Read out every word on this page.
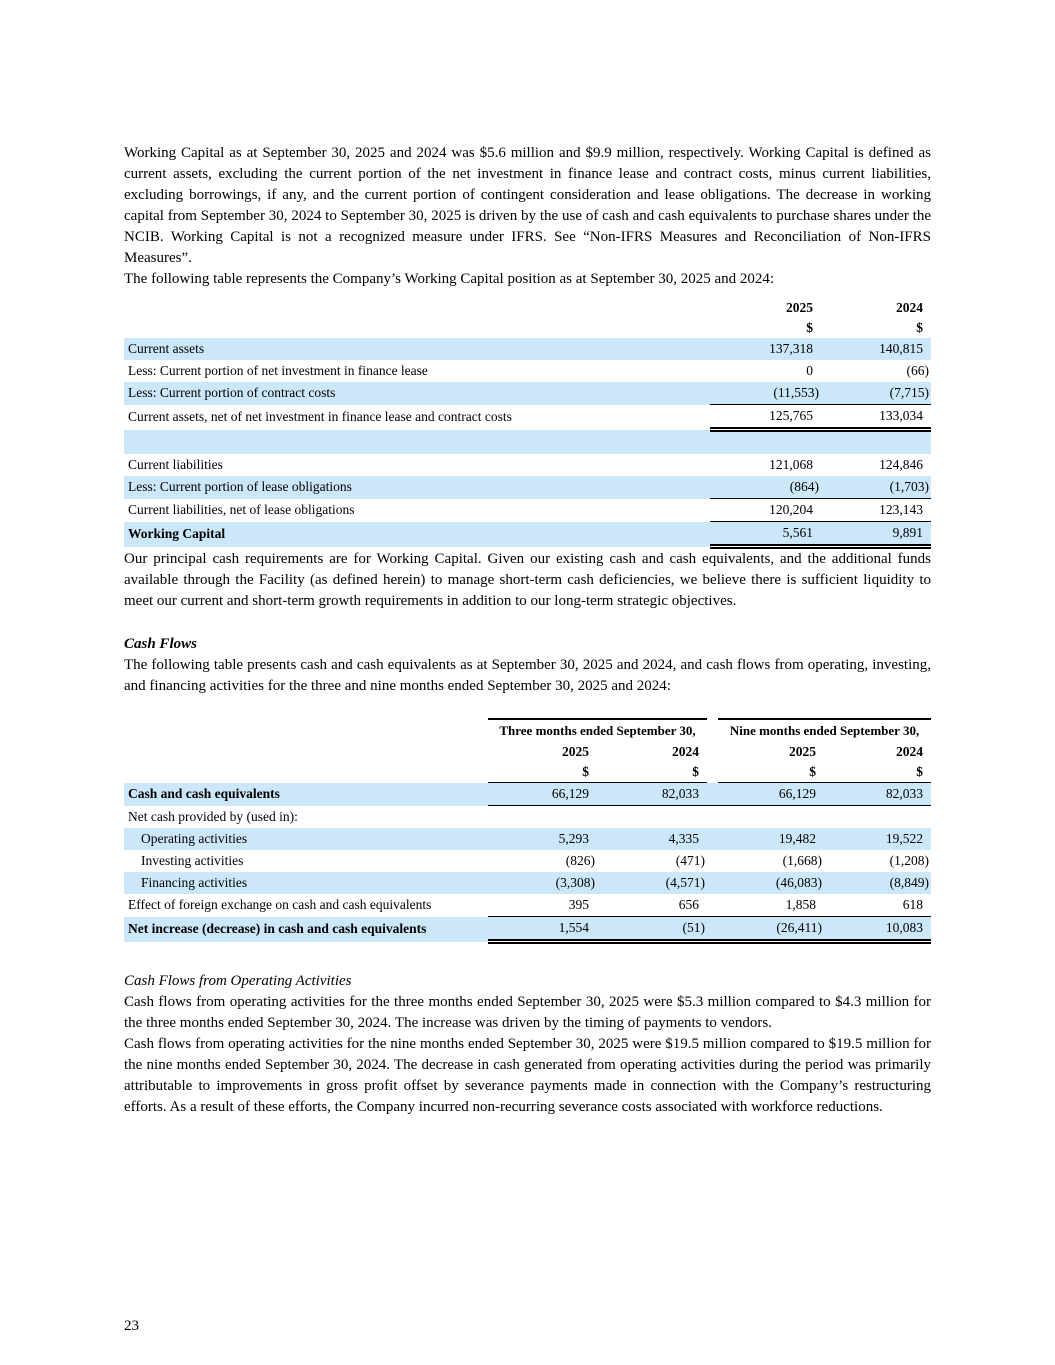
Working Capital as at September 30, 2025 and 2024 was $5.6 million and $9.9 million, respectively. Working Capital is defined as current assets, excluding the current portion of the net investment in finance lease and contract costs, minus current liabilities, excluding borrowings, if any, and the current portion of contingent consideration and lease obligations. The decrease in working capital from September 30, 2024 to September 30, 2025 is driven by the use of cash and cash equivalents to purchase shares under the NCIB. Working Capital is not a recognized measure under IFRS. See “Non-IFRS Measures and Reconciliation of Non-IFRS Measures”.

The following table represents the Company’s Working Capital position as at September 30, 2025 and 2024:

	2025	2024
	$	$
Current assets	137,318	140,815
Less: Current portion of net investment in finance lease	0	(66)
Less: Current portion of contract costs	(11,553)	(7,715)
Current assets, net of net investment in finance lease and contract costs	125,765	133,034

Current liabilities	121,068	124,846
Less: Current portion of lease obligations	(864)	(1,703)
Current liabilities, net of lease obligations	120,204	123,143
Working Capital	5,561	9,891

Our principal cash requirements are for Working Capital. Given our existing cash and cash equivalents, and the additional funds available through the Facility (as defined herein) to manage short-term cash deficiencies, we believe there is sufficient liquidity to meet our current and short-term growth requirements in addition to our long-term strategic objectives.

Cash Flows

The following table presents cash and cash equivalents as at September 30, 2025 and 2024, and cash flows from operating, investing, and financing activities for the three and nine months ended September 30, 2025 and 2024:

	Three months ended September 30,			Nine months ended September 30,	
	2025	2024		2025	2024
	$	$		$	$
Cash and cash equivalents	66,129	82,033		66,129	82,033
Net cash provided by (used in):					
Operating activities	5,293	4,335		19,482	19,522
Investing activities	(826)	(471)		(1,668)	(1,208)
Financing activities	(3,308)	(4,571)		(46,083)	(8,849)
Effect of foreign exchange on cash and cash equivalents	395	656		1,858	618
Net increase (decrease) in cash and cash equivalents	1,554	(51)		(26,411)	10,083
Cash Flows from Operating Activities

Cash flows from operating activities for the three months ended September 30, 2025 were $5.3 million compared to $4.3 million for the three months ended September 30, 2024. The increase was driven by the timing of payments to vendors.

Cash flows from operating activities for the nine months ended September 30, 2025 were $19.5 million compared to $19.5 million for the nine months ended September 30, 2024. The decrease in cash generated from operating activities during the period was primarily attributable to improvements in gross profit offset by severance payments made in connection with the Company’s restructuring efforts. As a result of these efforts, the Company incurred non-recurring severance costs associated with workforce reductions.

23
